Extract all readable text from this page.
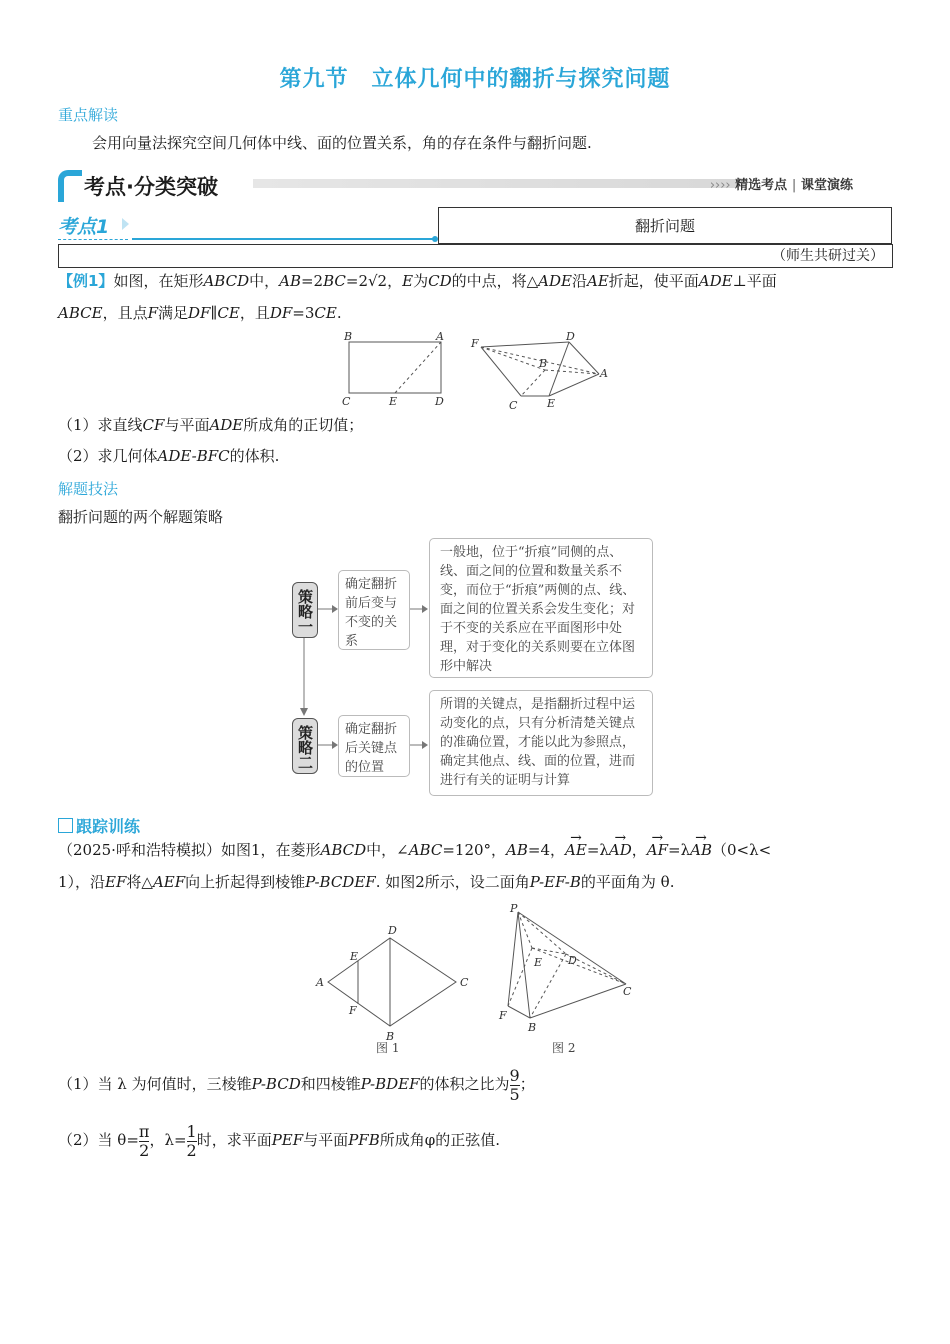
第九节　立体几何中的翻折与探究问题
重点解读
会用向量法探究空间几何体中线、面的位置关系，角的存在条件与翻折问题.
考点·分类突破	›››› 精选考点 | 课堂演练
考点1	翻折问题
（师生共研过关）
【例1】如图，在矩形ABCD中，AB=2BC=2√2，E为CD的中点，将△ADE沿AE折起，使平面ADE⊥平面
ABCE，且点F满足DF∥CE，且DF=3CE.
B	A
C	E	D
F
D
B
A
C	E
（1）求直线CF与平面ADE所成角的正切值；
（2）求几何体ADE-BFC的体积.
解题技法
翻折问题的两个解题策略
策略一
确定翻折前后变与不变的关系
一般地，位于“折痕”同侧的点、线、面之间的位置和数量关系不变，而位于“折痕”两侧的点、线、面之间的位置关系会发生变化；对于不变的关系应在平面图形中处理，对于变化的关系则要在立体图形中解决
策略二	确定翻折后关键点的位置
所谓的关键点，是指翻折过程中运动变化的点，只有分析清楚关键点的准确位置，才能以此为参照点，确定其他点、线、面的位置，进而进行有关的证明与计算
跟踪训练
（2025·呼和浩特模拟）如图1，在菱形ABCD中，∠ABC=120°，AB=4，→ AE=λ→ AD，→ AF=λ→ AB（0<λ<
1），沿EF将△AEF向上折起得到棱锥P-BCDEF. 如图2所示，设二面角P-EF-B的平面角为 θ.
A
B
C
D
E
F
图 1
P
E D
C
F
B
图 2
（1）当 λ 为何值时，三棱锥P-BCD和四棱锥P-BDEF的体积之比为 $\frac{9}{5}$ ；
（2）当 $\theta= \frac{\pi}{2}$ ，$\lambda= \frac{1}{2}$ 时，求平面PEF与平面PFB所成角φ的正弦值.
